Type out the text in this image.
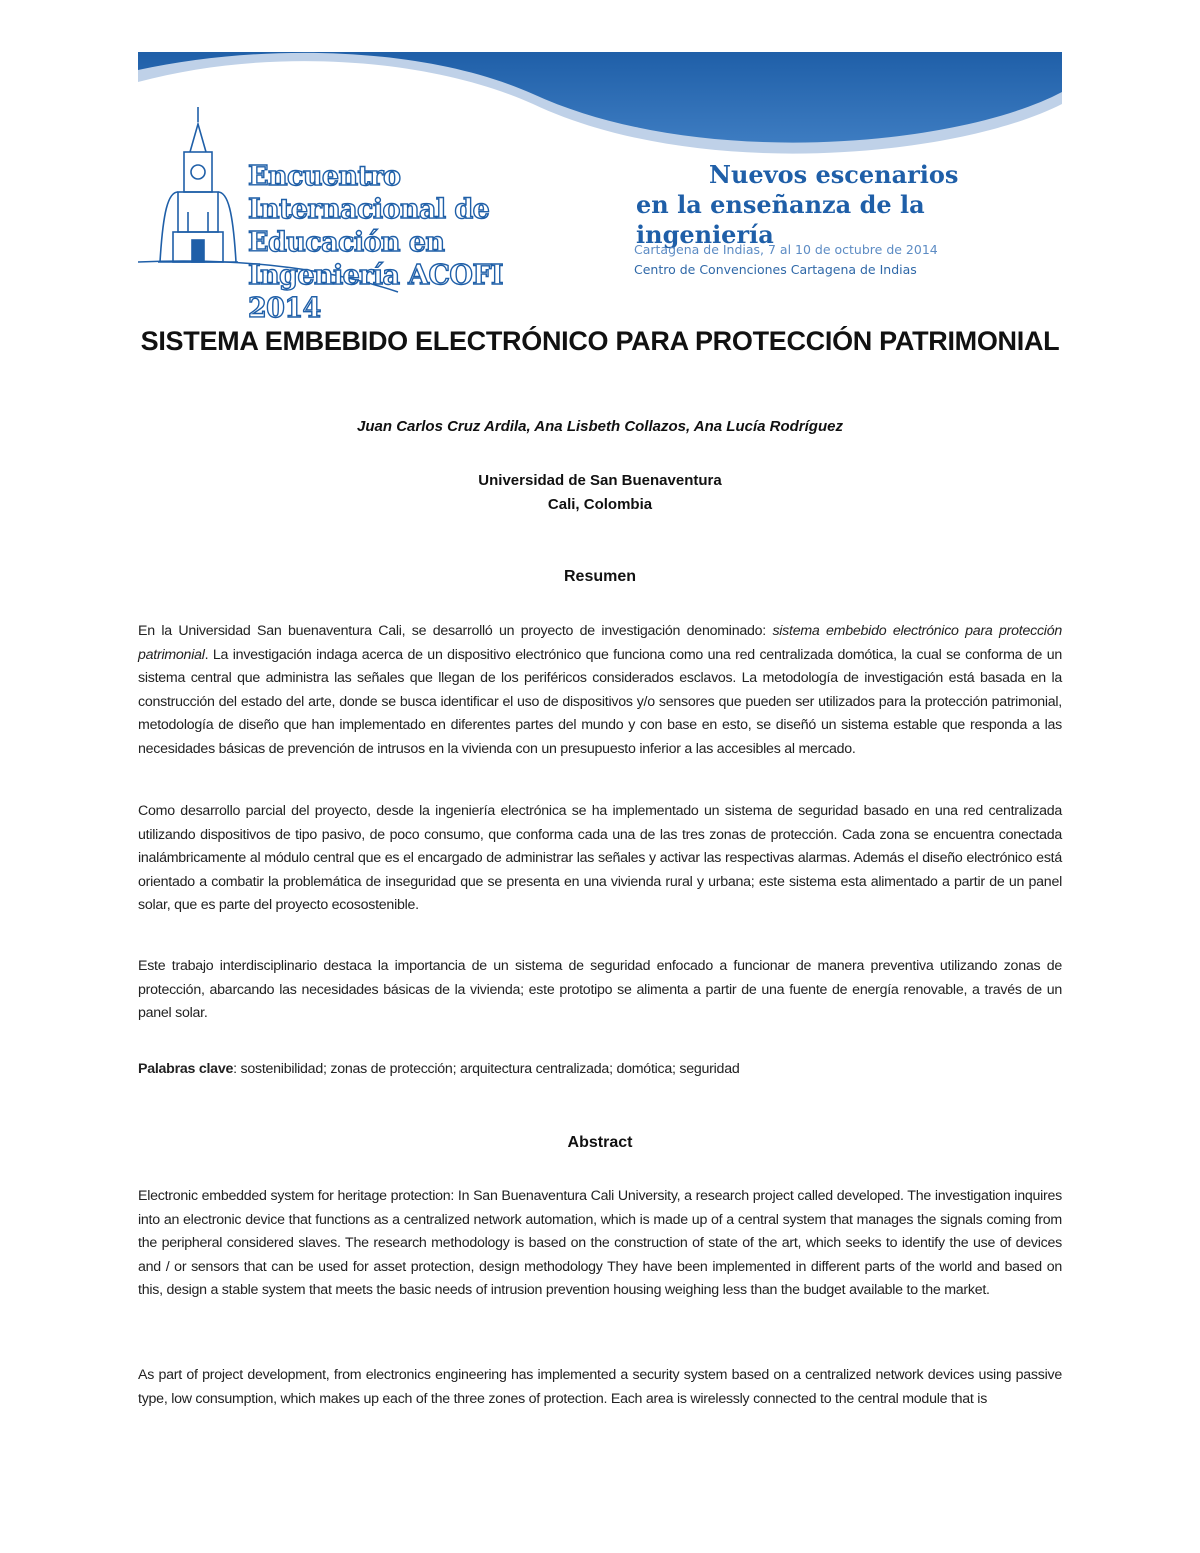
Encuentro Internacional de
Educación en Ingeniería ACOFI 2014
Nuevos escenarios
en la enseñanza de la ingeniería
Cartagena de Indias, 7 al 10 de octubre de 2014
Centro de Convenciones Cartagena de Indias
SISTEMA EMBEBIDO ELECTRÓNICO PARA PROTECCIÓN PATRIMONIAL
Juan Carlos Cruz Ardila, Ana Lisbeth Collazos, Ana Lucía Rodríguez
Universidad de San Buenaventura
Cali, Colombia
Resumen
En la Universidad San buenaventura Cali, se desarrolló un proyecto de investigación denominado: sistema embebido electrónico para protección patrimonial. La investigación indaga acerca de un dispositivo electrónico que funciona como una red centralizada domótica, la cual se conforma de un sistema central que administra las señales que llegan de los periféricos considerados esclavos. La metodología de investigación está basada en la construcción del estado del arte, donde se busca identificar el uso de dispositivos y/o sensores que pueden ser utilizados para la protección patrimonial, metodología de diseño que han implementado en diferentes partes del mundo y con base en esto, se diseñó un sistema estable que responda a las necesidades básicas de prevención de intrusos en la vivienda con un presupuesto inferior a las accesibles al mercado.
Como desarrollo parcial del proyecto, desde la ingeniería electrónica se ha implementado un sistema de seguridad basado en una red centralizada utilizando dispositivos de tipo pasivo, de poco consumo, que conforma cada una de las tres zonas de protección. Cada zona se encuentra conectada inalámbricamente al módulo central que es el encargado de administrar las señales y activar las respectivas alarmas. Además el diseño electrónico está orientado a combatir la problemática de inseguridad que se presenta en una vivienda rural y urbana; este sistema esta alimentado a partir de un panel solar, que es parte del proyecto ecosostenible.
Este trabajo interdisciplinario destaca la importancia de un sistema de seguridad enfocado a funcionar de manera preventiva utilizando zonas de protección, abarcando las necesidades básicas de la vivienda; este prototipo se alimenta a partir de una fuente de energía renovable, a través de un panel solar.
Palabras clave: sostenibilidad; zonas de protección; arquitectura centralizada; domótica; seguridad
Abstract
Electronic embedded system for heritage protection: In San Buenaventura Cali University, a research project called developed. The investigation inquires into an electronic device that functions as a centralized network automation, which is made up of a central system that manages the signals coming from the peripheral considered slaves. The research methodology is based on the construction of state of the art, which seeks to identify the use of devices and / or sensors that can be used for asset protection, design methodology They have been implemented in different parts of the world and based on this, design a stable system that meets the basic needs of intrusion prevention housing weighing less than the budget available to the market.
As part of project development, from electronics engineering has implemented a security system based on a centralized network devices using passive type, low consumption, which makes up each of the three zones of protection. Each area is wirelessly connected to the central module that is
